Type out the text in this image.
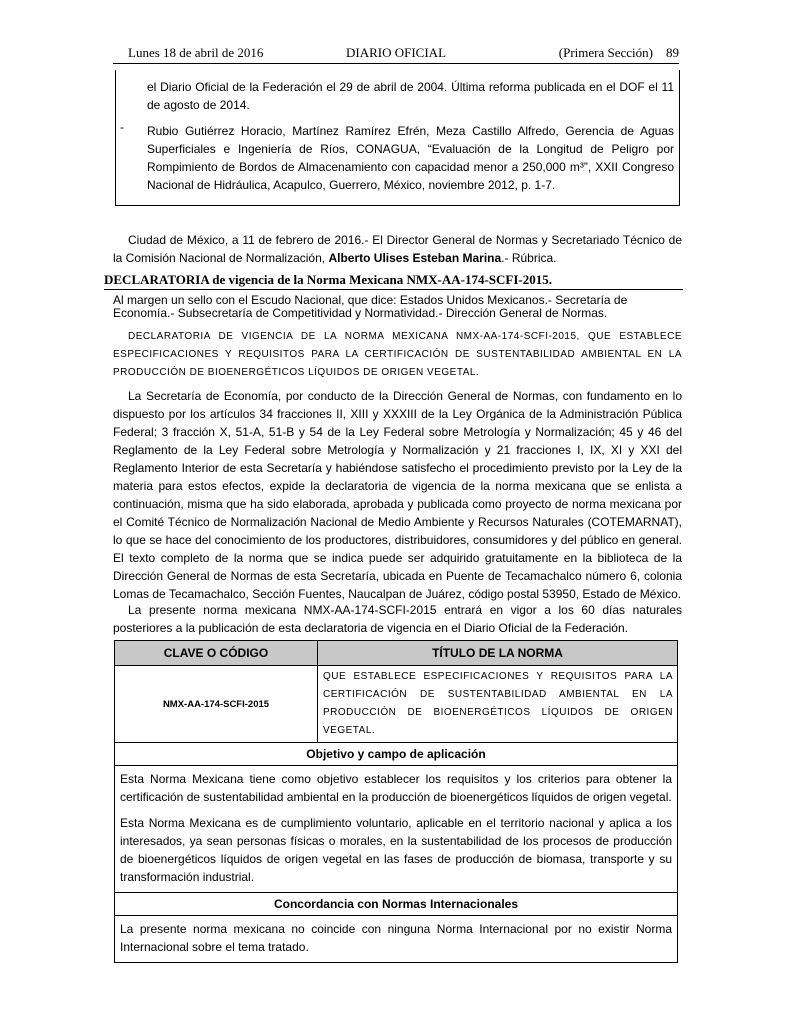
Lunes 18 de abril de 2016	DIARIO OFICIAL	(Primera Sección) 89
el Diario Oficial de la Federación el 29 de abril de 2004. Última reforma publicada en el DOF el 11 de agosto de 2014.
- Rubio Gutiérrez Horacio, Martínez Ramírez Efrén, Meza Castillo Alfredo, Gerencia de Aguas Superficiales e Ingeniería de Ríos, CONAGUA, “Evaluación de la Longitud de Peligro por Rompimiento de Bordos de Almacenamiento con capacidad menor a 250,000 m³”, XXII Congreso Nacional de Hidráulica, Acapulco, Guerrero, México, noviembre 2012, p. 1-7.
Ciudad de México, a 11 de febrero de 2016.- El Director General de Normas y Secretariado Técnico de la Comisión Nacional de Normalización, Alberto Ulises Esteban Marina.- Rúbrica.
DECLARATORIA de vigencia de la Norma Mexicana NMX-AA-174-SCFI-2015.
Al margen un sello con el Escudo Nacional, que dice: Estados Unidos Mexicanos.- Secretaría de Economía.- Subsecretaría de Competitividad y Normatividad.- Dirección General de Normas.
DECLARATORIA DE VIGENCIA DE LA NORMA MEXICANA NMX-AA-174-SCFI-2015, QUE ESTABLECE ESPECIFICACIONES Y REQUISITOS PARA LA CERTIFICACIÓN DE SUSTENTABILIDAD AMBIENTAL EN LA PRODUCCIÓN DE BIOENERGÉTICOS LÍQUIDOS DE ORIGEN VEGETAL.
La Secretaría de Economía, por conducto de la Dirección General de Normas, con fundamento en lo dispuesto por los artículos 34 fracciones II, XIII y XXXIII de la Ley Orgánica de la Administración Pública Federal; 3 fracción X, 51-A, 51-B y 54 de la Ley Federal sobre Metrología y Normalización; 45 y 46 del Reglamento de la Ley Federal sobre Metrología y Normalización y 21 fracciones I, IX, XI y XXI del Reglamento Interior de esta Secretaría y habiéndose satisfecho el procedimiento previsto por la Ley de la materia para estos efectos, expide la declaratoria de vigencia de la norma mexicana que se enlista a continuación, misma que ha sido elaborada, aprobada y publicada como proyecto de norma mexicana por el Comité Técnico de Normalización Nacional de Medio Ambiente y Recursos Naturales (COTEMARNAT), lo que se hace del conocimiento de los productores, distribuidores, consumidores y del público en general. El texto completo de la norma que se indica puede ser adquirido gratuitamente en la biblioteca de la Dirección General de Normas de esta Secretaría, ubicada en Puente de Tecamachalco número 6, colonia Lomas de Tecamachalco, Sección Fuentes, Naucalpan de Juárez, código postal 53950, Estado de México.
La presente norma mexicana NMX-AA-174-SCFI-2015 entrará en vigor a los 60 días naturales posteriores a la publicación de esta declaratoria de vigencia en el Diario Oficial de la Federación.
CLAVE O CÓDIGO	TÍTULO DE LA NORMA
NMX-AA-174-SCFI-2015	QUE ESTABLECE ESPECIFICACIONES Y REQUISITOS PARA LA CERTIFICACIÓN DE SUSTENTABILIDAD AMBIENTAL EN LA PRODUCCIÓN DE BIOENERGÉTICOS LÍQUIDOS DE ORIGEN VEGETAL.
Objetivo y campo de aplicación	

Esta Norma Mexicana tiene como objetivo establecer los requisitos y los criterios para obtener la certificación de sustentabilidad ambiental en la producción de bioenergéticos líquidos de origen vegetal.

Esta Norma Mexicana es de cumplimiento voluntario, aplicable en el territorio nacional y aplica a los interesados, ya sean personas físicas o morales, en la sustentabilidad de los procesos de producción de bioenergéticos líquidos de origen vegetal en las fases de producción de biomasa, transporte y su transformación industrial.	

Concordancia con Normas Internacionales	
La presente norma mexicana no coincide con ninguna Norma Internacional por no existir Norma Internacional sobre el tema tratado.	
